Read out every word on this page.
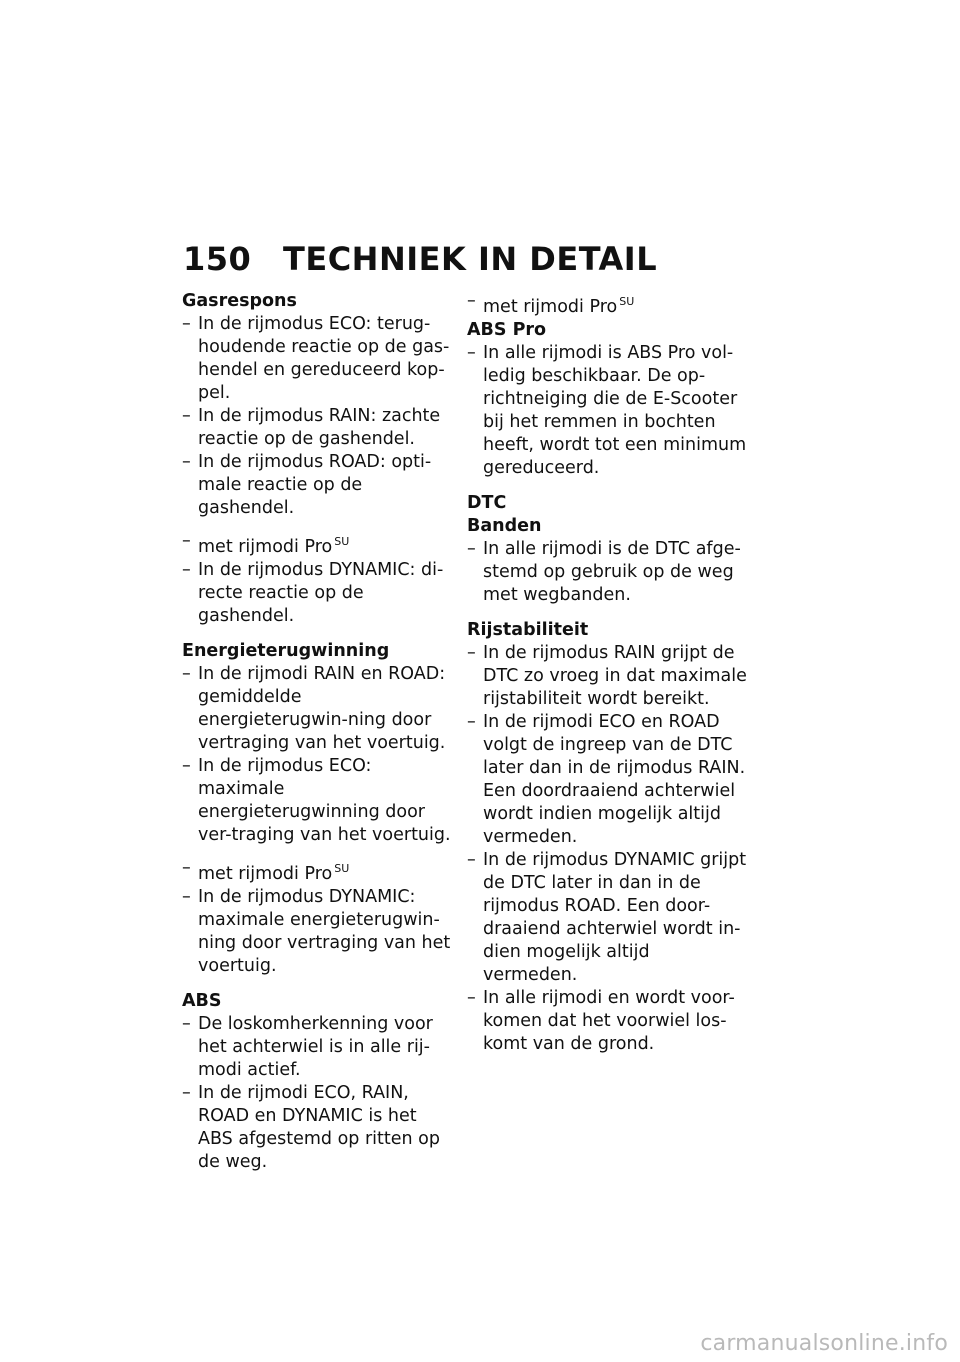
150 TECHNIEK IN DETAIL

Gasrespons

– In de rijmodus ECO: terug-houdende reactie op de gas-hendel en gereduceerd kop-pel.

– In de rijmodus RAIN: zachte reactie op de gashendel.

– In de rijmodus ROAD: opti-male reactie op de gashendel.

– met rijmodi Pro $^{SU}$

– In de rijmodus DYNAMIC: di-recte reactie op de gashendel.

Energieterugwinning

– In de rijmodi RAIN en ROAD: gemiddelde energieterugwin-ning door vertraging van het voertuig.

– In de rijmodus ECO: maximale energieterugwinning door ver-traging van het voertuig.

– met rijmodi Pro $^{SU}$

– In de rijmodus DYNAMIC: maximale energieterugwin-ning door vertraging van het voertuig.

ABS

– De loskomherkenning voor het achterwiel is in alle rij-modi actief.

– In de rijmodi ECO, RAIN, ROAD en DYNAMIC is het ABS afgestemd op ritten op de weg.

– met rijmodi Pro $^{SU}$

ABS Pro

– In alle rijmodi is ABS Pro vol-ledig beschikbaar. De op-richtneiging die de E-Scooter bij het remmen in bochten heeft, wordt tot een minimum gereduceerd.

DTC

Banden

– In alle rijmodi is de DTC afge-stemd op gebruik op de weg met wegbanden.

Rijstabiliteit

– In de rijmodus RAIN grijpt de DTC zo vroeg in dat maximale rijstabiliteit wordt bereikt.

– In de rijmodi ECO en ROAD volgt de ingreep van de DTC later dan in de rijmodus RAIN. Een doordraaiend achterwiel wordt indien mogelijk altijd vermeden.

– In de rijmodus DYNAMIC grijpt de DTC later in dan in de rijmodus ROAD. Een door-draaiend achterwiel wordt in-dien mogelijk altijd vermeden.

– In alle rijmodi en wordt voor-komen dat het voorwiel los-komt van de grond.

carmanualsonline.info
